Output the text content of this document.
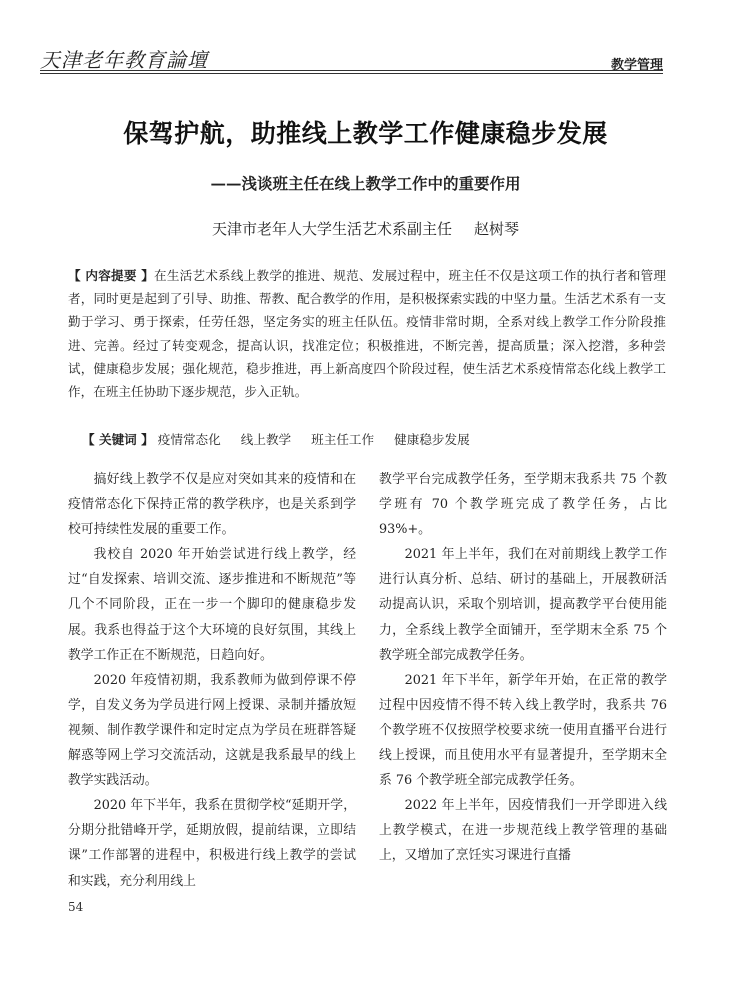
天津老年教育論壇	教学管理
保驾护航，助推线上教学工作健康稳步发展
——浅谈班主任在线上教学工作中的重要作用
天津市老年人大学生活艺术系副主任 赵树琴
【 内容提要 】在生活艺术系线上教学的推进、规范、发展过程中，班主任不仅是这项工作的执行者和管理者，同时更是起到了引导、助推、帮教、配合教学的作用，是积极探索实践的中坚力量。生活艺术系有一支勤于学习、勇于探索，任劳任怨，坚定务实的班主任队伍。疫情非常时期，全系对线上教学工作分阶段推进、完善。经过了转变观念，提高认识，找准定位；积极推进，不断完善，提高质量；深入挖潜，多种尝试，健康稳步发展；强化规范，稳步推进，再上新高度四个阶段过程，使生活艺术系疫情常态化线上教学工作，在班主任协助下逐步规范，步入正轨。
【 关键词 】 疫情常态化 线上教学 班主任工作 健康稳步发展

搞好线上教学不仅是应对突如其来的疫情和在疫情常态化下保持正常的教学秩序，也是关系到学校可持续性发展的重要工作。

我校自 2020 年开始尝试进行线上教学，经过“自发探索、培训交流、逐步推进和不断规范”等几个不同阶段，正在一步一个脚印的健康稳步发展。我系也得益于这个大环境的良好氛围，其线上教学工作正在不断规范，日趋向好。

2020 年疫情初期，我系教师为做到停课不停学，自发义务为学员进行网上授课、录制并播放短视频、制作教学课件和定时定点为学员在班群答疑解惑等网上学习交流活动，这就是我系最早的线上教学实践活动。

2020 年下半年，我系在贯彻学校“延期开学，分期分批错峰开学，延期放假，提前结课，立即结课”工作部署的进程中，积极进行线上教学的尝试和实践，充分利用线上

教学平台完成教学任务，至学期末我系共 75 个教学班有 70 个教学班完成了教学任务，占比 93%+。

2021 年上半年，我们在对前期线上教学工作进行认真分析、总结、研讨的基础上，开展教研活动提高认识，采取个别培训，提高教学平台使用能力，全系线上教学全面铺开，至学期末全系 75 个教学班全部完成教学任务。

2021 年下半年，新学年开始，在正常的教学过程中因疫情不得不转入线上教学时，我系共 76 个教学班不仅按照学校要求统一使用直播平台进行线上授课，而且使用水平有显著提升，至学期末全系 76 个教学班全部完成教学任务。

2022 年上半年，因疫情我们一开学即进入线上教学模式，在进一步规范线上教学管理的基础上，又增加了烹饪实习课进行直播

54
